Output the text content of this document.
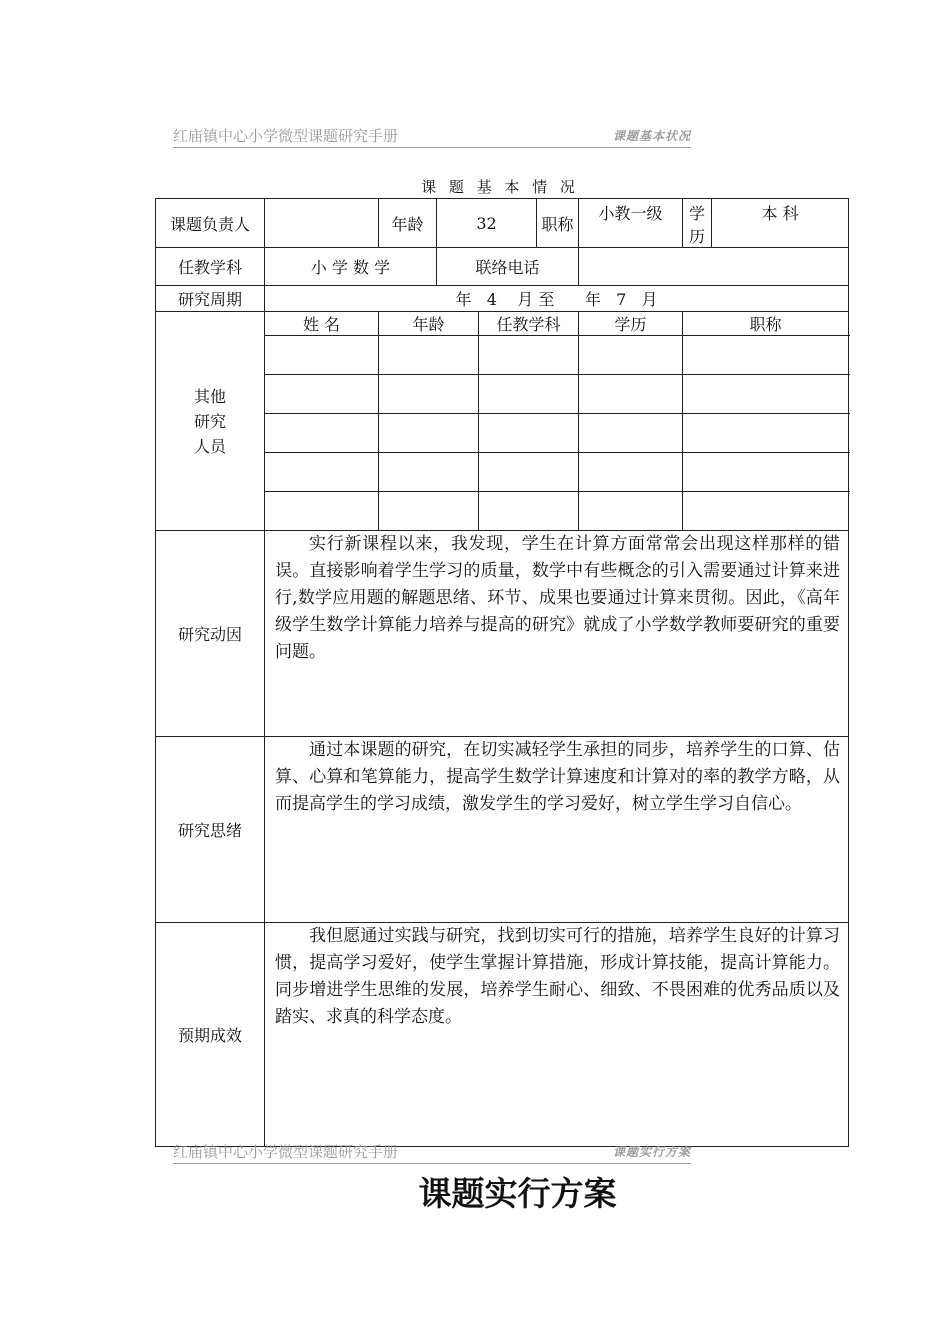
红庙镇中心小学微型课题研究手册	课题基本状况
课 题 基 本 情 况
课题负责人		年龄	32		职称	小教一级	学历	本 科
任教学科	小 学 数 学		联络电话					
研究周期	年   4    月 至      年   7   月							
其他
研究
人员	姓 名	年龄		任教学科		学历	职称	

研究动因	实行新课程以来，我发现，学生在计算方面常常会出现这样那样的错误。直接影响着学生学习的质量，数学中有些概念的引入需要通过计算来进行,数学应用题的解题思绪、环节、成果也要通过计算来贯彻。因此，《高年级学生数学计算能力培养与提高的研究》就成了小学数学教师要研究的重要问题。							
研究思绪	通过本课题的研究，在切实减轻学生承担的同步，培养学生的口算、估算、心算和笔算能力，提高学生数学计算速度和计算对的率的教学方略，从而提高学生的学习成绩，激发学生的学习爱好，树立学生学习自信心。							
预期成效	我但愿通过实践与研究，找到切实可行的措施，培养学生良好的计算习惯，提高学习爱好，使学生掌握计算措施，形成计算技能，提高计算能力。同步增进学生思维的发展，培养学生耐心、细致、不畏困难的优秀品质以及踏实、求真的科学态度。							
红庙镇中心小学微型课题研究手册	课题实行方案
课题实行方案
